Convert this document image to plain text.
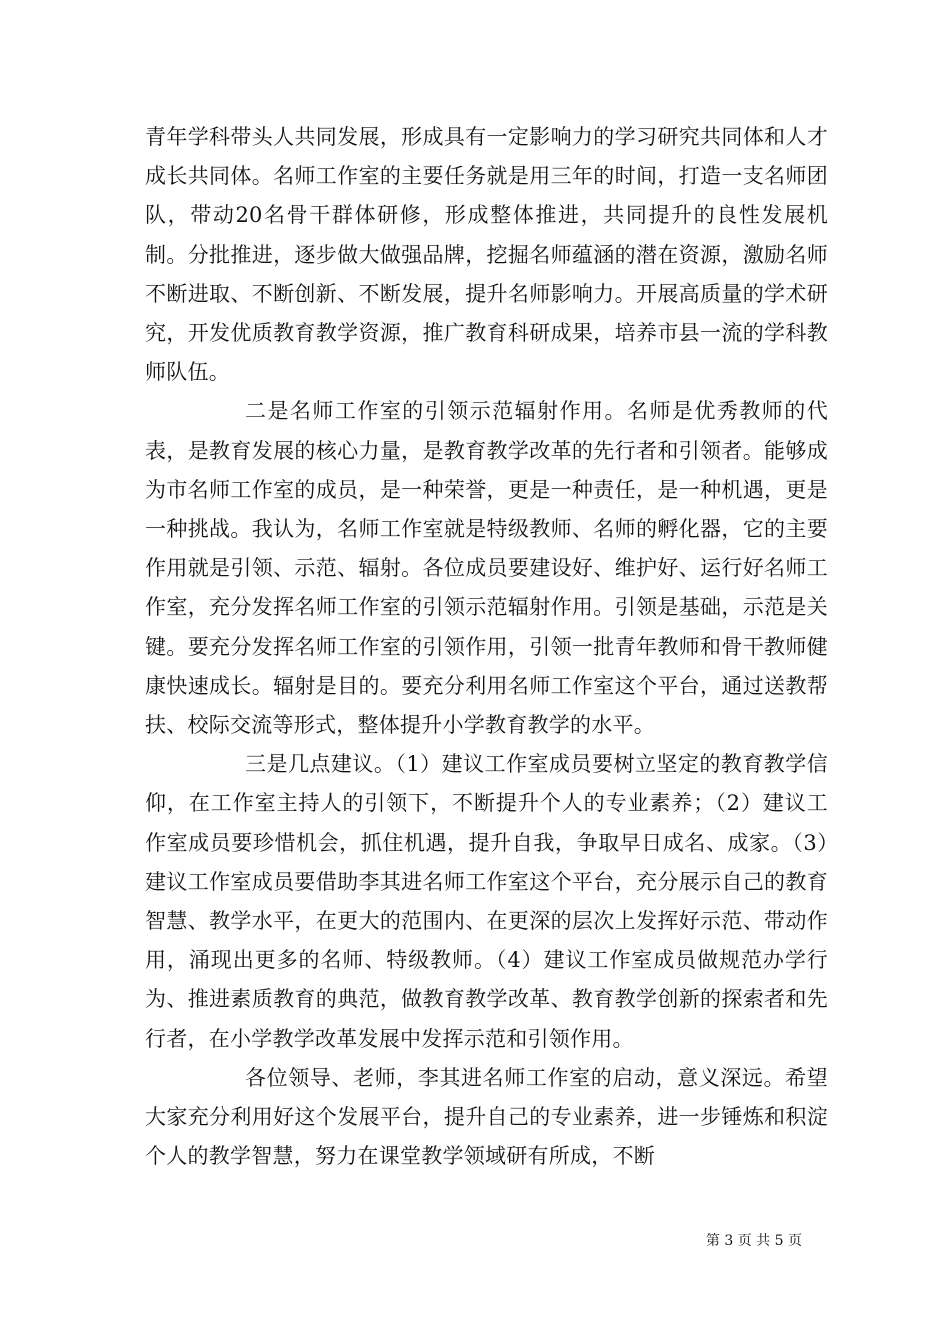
青年学科带头人共同发展，形成具有一定影响力的学习研究共同体和人才成长共同体。名师工作室的主要任务就是用三年的时间，打造一支名师团队，带动20名骨干群体研修，形成整体推进，共同提升的良性发展机制。分批推进，逐步做大做强品牌，挖掘名师蕴涵的潜在资源，激励名师不断进取、不断创新、不断发展，提升名师影响力。开展高质量的学术研究，开发优质教育教学资源，推广教育科研成果，培养市县一流的学科教师队伍。

二是名师工作室的引领示范辐射作用。名师是优秀教师的代表，是教育发展的核心力量，是教育教学改革的先行者和引领者。能够成为市名师工作室的成员，是一种荣誉，更是一种责任，是一种机遇，更是一种挑战。我认为，名师工作室就是特级教师、名师的孵化器，它的主要作用就是引领、示范、辐射。各位成员要建设好、维护好、运行好名师工作室，充分发挥名师工作室的引领示范辐射作用。引领是基础，示范是关键。要充分发挥名师工作室的引领作用，引领一批青年教师和骨干教师健康快速成长。辐射是目的。要充分利用名师工作室这个平台，通过送教帮扶、校际交流等形式，整体提升小学教育教学的水平。

三是几点建议。（1）建议工作室成员要树立坚定的教育教学信仰，在工作室主持人的引领下，不断提升个人的专业素养；（2）建议工作室成员要珍惜机会，抓住机遇，提升自我，争取早日成名、成家。（3）建议工作室成员要借助李其进名师工作室这个平台，充分展示自己的教育智慧、教学水平，在更大的范围内、在更深的层次上发挥好示范、带动作用，涌现出更多的名师、特级教师。（4）建议工作室成员做规范办学行为、推进素质教育的典范，做教育教学改革、教育教学创新的探索者和先行者，在小学教学改革发展中发挥示范和引领作用。

各位领导、老师，李其进名师工作室的启动，意义深远。希望大家充分利用好这个发展平台，提升自己的专业素养，进一步锤炼和积淀个人的教学智慧，努力在课堂教学领域研有所成，不断

第 3 页 共 5 页
